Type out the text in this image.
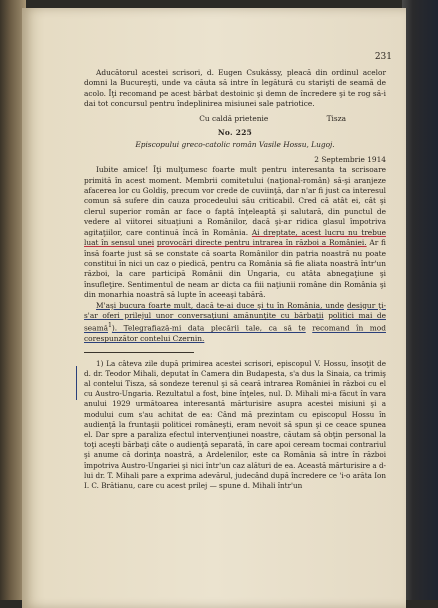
231

Aducătorul acestei scrisori, d. Eugen Csukássy, pleacă din ordinul acelor domni la Bucureşti, unde va căuta să intre în legătură cu starişti de seamă de acolo. Îţi recomand pe acest bărbat destoinic şi demn de încredere şi te rog să-i dai tot concursul pentru îndeplinirea misiunei sale patriotice.

Cu caldă prietenie	Tisza
No. 225
Episcopului greco-catolic român Vasile Hossu, Lugoj.
2 Septembrie 1914

Iubite amice! Îţi mulţumesc foarte mult pentru interesanta ta scrisoare primită în acest moment. Membrii comitetului (naţional-român) să-şi aranjeze afacerea lor cu Goldiş, precum vor crede de cuviinţă, dar n'ar fi just ca interesul comun să sufere din cauza procedeului său criticabil. Cred că atât ei, cât şi clerul superior român ar face o faptă înţeleaptă şi salutară, din punctul de vedere al viitorei situaţiuni a Românilor, dacă şi-ar ridica glasul împotriva agitaţiilor, care continuă încă în România. Ai dreptate, acest lucru nu trebue luat în sensul unei provocări directe pentru intrarea în război a României. Ar fi însă foarte just să se constate că soarta Românilor din patria noastră nu poate constitui în nici un caz o piedică, pentru ca România să fie aliata noastră într'un război, la care participă Românii din Ungaria, cu atâta abnegaţiune şi însufleţire. Sentimentul de neam ar dicta ca fiii naţiunii române din România şi din monarhia noastră să lupte în aceeaşi tabără.

M'aşi bucura foarte mult, dacă te-ai duce şi tu în România, unde desigur ţi-s'ar oferi prilejul unor conversaţiuni amănunţite cu bărbaţii politici mai de seamă$^1$). Telegrafiază-mi data plecării tale, ca să te recomand în mod corespunzător contelui Czernin.

1) La câteva zile după primirea acestei scrisori, episcopul V. Hossu, însoţit de d. dr. Teodor Mihali, deputat în Camera din Budapesta, s'a dus la Sinaia, ca trimiş al contelui Tisza, să sondeze terenul şi să ceară intrarea României în război cu el cu Austro-Ungaria. Rezultatul a fost, bine înţeles, nul. D. Mihali mi-a făcut în vara anului 1929 următoarea interesantă mărturisire asupra acestei misiuni şi a modului cum s'au achitat de ea: Când mă prezintam cu episcopul Hossu în audienţă la fruntaşii politicei româneşti, eram nevoit să spun şi ce ceace spunea el. Dar spre a paraliza efectul intervenţiunei noastre, căutam să obţin personal la toţi aceşti bărbaţi câte o audienţă separată, în care apoi ceream tocmai contrariul şi anume că dorinţa noastră, a Ardelenilor, este ca România să intre în război împotriva Austro-Ungariei şi nici într'un caz alături de ea. Această mărturisire a d-lui dr. T. Mihali pare a exprima adevărul, judecând după încredere ce 'i-o arăta Ion I. C. Brătianu, care cu acest prilej — spune d. Mihali într'un
